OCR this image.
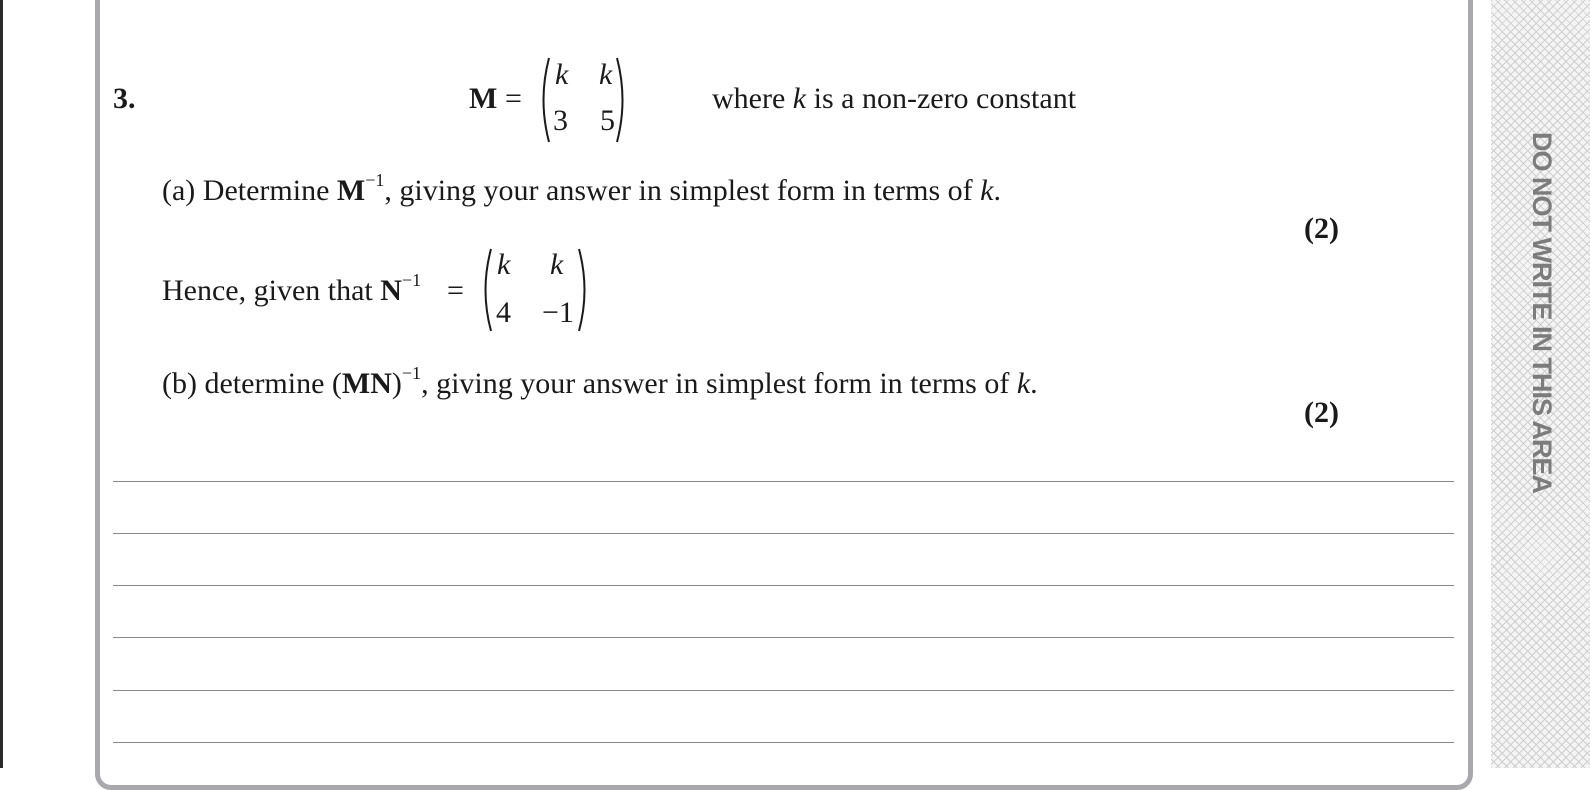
DO NOT WRITE IN THIS AREA
3.	M =
k k
3 5
where k is a non-zero constant
(a) Determine $M^{-1}$, giving your answer in simplest form in terms of k.
(2)
Hence, given that $N^{-1}$ =
k k
4 −1
(b) determine (MN)$^{-1}$, giving your answer in simplest form in terms of k.
(2)
